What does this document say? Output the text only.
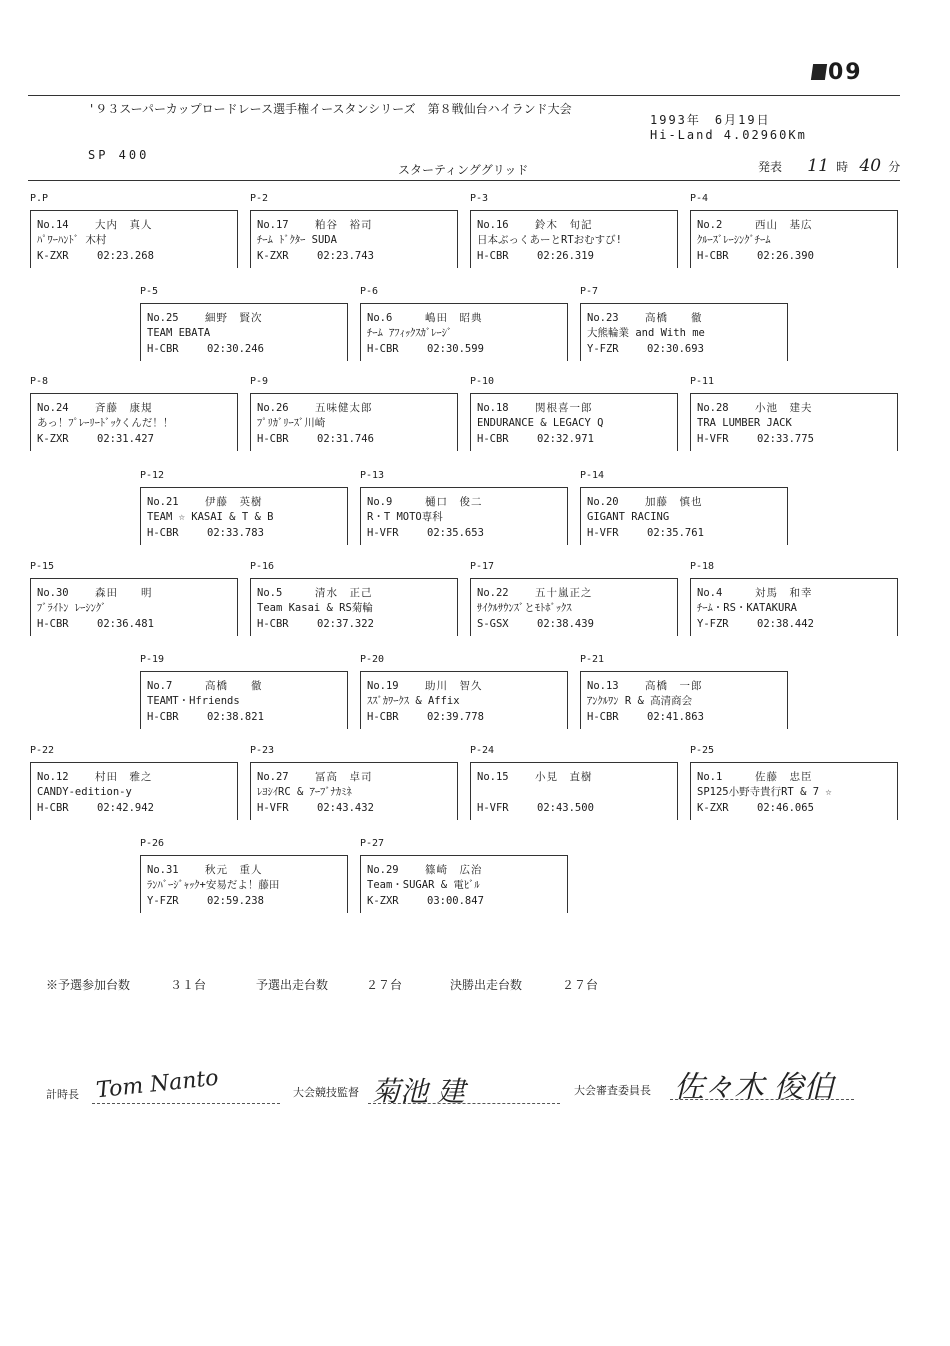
09
'９３スーパーカップロードレース選手権イースタンシリーズ　第８戦仙台ハイランド大会
1993年　6月19日
Hi-Land 4.02960Km
SP 400
スターティンググリッド	発表 11 時 40 分
P.P
No.14	大内　真人
ﾊﾟﾜｰﾊﾝﾄﾞ 木村
K-ZXR	02:23.268
P-2
No.17	粕谷　裕司
ﾁｰﾑ ﾄﾞｸﾀｰ SUDA
K-ZXR	02:23.743
P-3
No.16	鈴木　旬記
日本ぶっくあーとRTおむすび!
H-CBR	02:26.319
P-4
No.2	西山　基広
ｸﾙｰｽﾞﾚｰｼﾝｸﾞﾁｰﾑ
H-CBR	02:26.390
P-5
No.25	細野　賢次
TEAM EBATA
H-CBR	02:30.246
P-6
No.6	嶋田　昭典
ﾁｰﾑ ｱﾌｨｯｸｽｶﾞﾚｰｼﾞ
H-CBR	02:30.599
P-7
No.23	高橋　　徹
大熊輪業 and With me
Y-FZR	02:30.693
P-8
No.24	斉藤　康規
あっ！ﾌﾟﾚｰﾘｰﾄﾞｯｸくんだ！！
K-ZXR	02:31.427
P-9
No.26	五味健太郎
ﾌﾟﾘｶﾞﾘｰｽﾞ川崎
H-CBR	02:31.746
P-10
No.18	関根喜一郎
ENDURANCE & LEGACY Q
H-CBR	02:32.971
P-11
No.28	小池　建夫
TRA LUMBER JACK
H-VFR	02:33.775
P-12
No.21	伊藤　英樹
TEAM ☆ KASAI & T & B
H-CBR	02:33.783
P-13
No.9	樋口　俊二
R・T MOTO専科
H-VFR	02:35.653
P-14
No.20	加藤　慎也
GIGANT RACING
H-VFR	02:35.761
P-15
No.30	森田　　明
ﾌﾞﾗｲﾄﾝ ﾚｰｼﾝｸﾞ
H-CBR	02:36.481
P-16
No.5	清水　正己
Team Kasai & RS菊輪
H-CBR	02:37.322
P-17
No.22	五十嵐正之
ｻｲｸﾙｻｳﾝｽﾞとﾓﾄﾎﾞｯｸｽ
S-GSX	02:38.439
P-18
No.4	対馬　和幸
ﾁｰﾑ・RS・KATAKURA
Y-FZR	02:38.442
P-19
No.7	高橋　　徹
TEAMT・Hfriends
H-CBR	02:38.821
P-20
No.19	助川　智久
ｽｽﾞｶﾜｰｸｽ & Affix
H-CBR	02:39.778
P-21
No.13	高橋　一郎
ｱﾝｸﾙﾜﾝ R & 高清商会
H-CBR	02:41.863
P-22
No.12	村田　雅之
CANDY-edition-y
H-CBR	02:42.942
P-23
No.27	冨高　卓司
ﾚﾖｼｲRC & ｱｰﾌﾞﾅｶﾐﾈ
H-VFR	02:43.432
P-24
No.15	小見　直樹
H-VFR	02:43.500
P-25
No.1	佐藤　忠臣
SP125小野寺貴行RT & 7 ☆
K-ZXR	02:46.065
P-26
No.31	秋元　重人
ﾗﾝﾊﾞｰｼﾞｬｯｸ+安易だよ！藤田
Y-FZR	02:59.238
P-27
No.29	篠崎　広治
Team・SUGAR & 電ﾋﾞﾙ
K-ZXR	03:00.847
※予選参加台数	３１台	予選出走台数	２７台	決勝出走台数	２７台
計時長 Tom Nanto	大会競技監督 菊池 建	大会審査委員長 佐々木 俊伯
